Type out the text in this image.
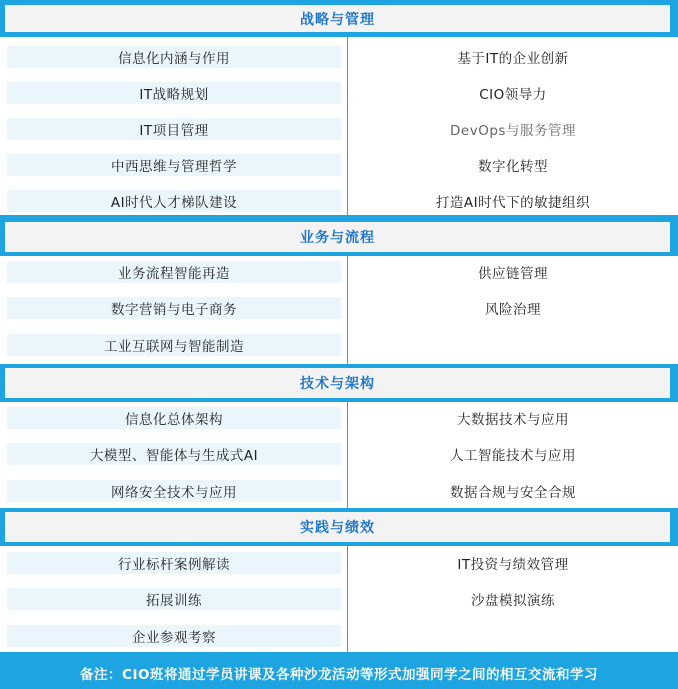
战略与管理
信息化内涵与作用
IT战略规划
IT项目管理
中西思维与管理哲学
AI时代人才梯队建设
基于IT的企业创新
CIO领导力
DevOps与服务管理
数字化转型
打造AI时代下的敏捷组织
业务与流程
业务流程智能再造
数字营销与电子商务
工业互联网与智能制造
供应链管理
风险治理
技术与架构
信息化总体架构
大模型、智能体与生成式AI
网络安全技术与应用
大数据技术与应用
人工智能技术与应用
数据合规与安全合规
实践与绩效
行业标杆案例解读
拓展训练
企业参观考察
IT投资与绩效管理
沙盘模拟演练
备注：CIO班将通过学员讲课及各种沙龙活动等形式加强同学之间的相互交流和学习
